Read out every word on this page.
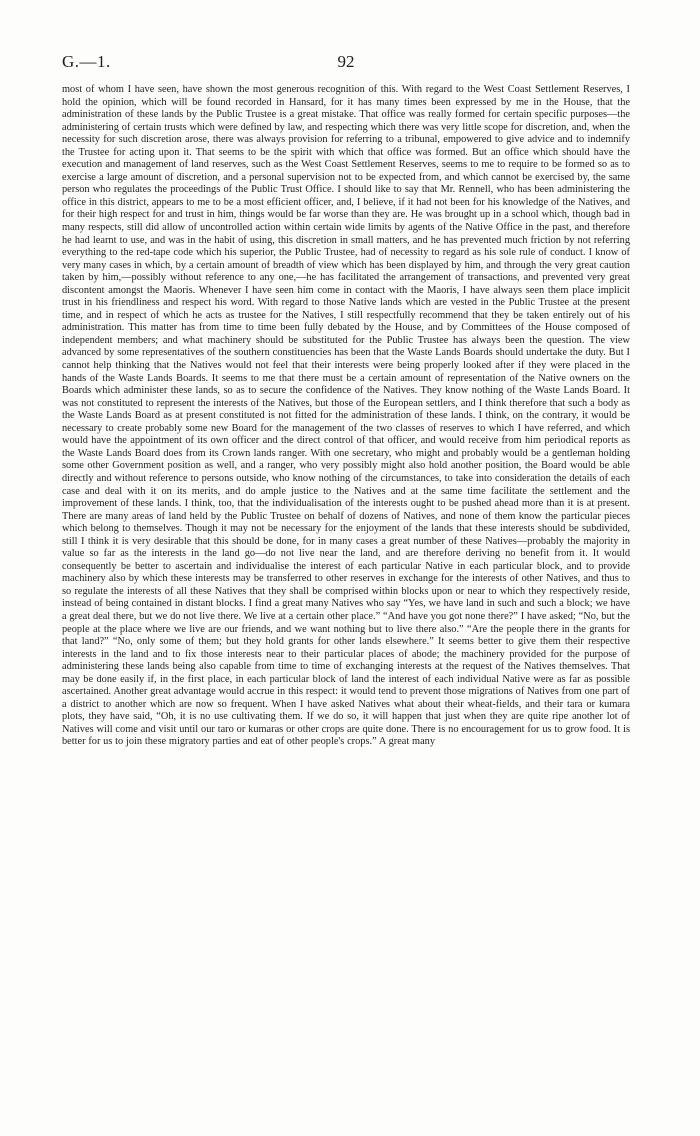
G.—1.	92
most of whom I have seen, have shown the most generous recognition of this. With regard to the West Coast Settlement Reserves, I hold the opinion, which will be found recorded in Hansard, for it has many times been expressed by me in the House, that the administration of these lands by the Public Trustee is a great mistake. That office was really formed for certain specific purposes—the administering of certain trusts which were defined by law, and respecting which there was very little scope for discretion, and, when the necessity for such discretion arose, there was always provision for referring to a tribunal, empowered to give advice and to indemnify the Trustee for acting upon it. That seems to be the spirit with which that office was formed. But an office which should have the execution and management of land reserves, such as the West Coast Settlement Reserves, seems to me to require to be formed so as to exercise a large amount of discretion, and a personal supervision not to be expected from, and which cannot be exercised by, the same person who regulates the proceedings of the Public Trust Office. I should like to say that Mr. Rennell, who has been administering the office in this district, appears to me to be a most efficient officer, and, I believe, if it had not been for his knowledge of the Natives, and for their high respect for and trust in him, things would be far worse than they are. He was brought up in a school which, though bad in many respects, still did allow of uncontrolled action within certain wide limits by agents of the Native Office in the past, and therefore he had learnt to use, and was in the habit of using, this discretion in small matters, and he has prevented much friction by not referring everything to the red-tape code which his superior, the Public Trustee, had of necessity to regard as his sole rule of conduct. I know of very many cases in which, by a certain amount of breadth of view which has been displayed by him, and through the very great caution taken by him,—possibly without reference to any one,—he has facilitated the arrangement of transactions, and prevented very great discontent amongst the Maoris. Whenever I have seen him come in contact with the Maoris, I have always seen them place implicit trust in his friendliness and respect his word. With regard to those Native lands which are vested in the Public Trustee at the present time, and in respect of which he acts as trustee for the Natives, I still respectfully recommend that they be taken entirely out of his administration. This matter has from time to time been fully debated by the House, and by Committees of the House composed of independent members; and what machinery should be substituted for the Public Trustee has always been the question. The view advanced by some representatives of the southern constituencies has been that the Waste Lands Boards should undertake the duty. But I cannot help thinking that the Natives would not feel that their interests were being properly looked after if they were placed in the hands of the Waste Lands Boards. It seems to me that there must be a certain amount of representation of the Native owners on the Boards which administer these lands, so as to secure the confidence of the Natives. They know nothing of the Waste Lands Board. It was not constituted to represent the interests of the Natives, but those of the European settlers, and I think therefore that such a body as the Waste Lands Board as at present constituted is not fitted for the administration of these lands. I think, on the contrary, it would be necessary to create probably some new Board for the management of the two classes of reserves to which I have referred, and which would have the appointment of its own officer and the direct control of that officer, and would receive from him periodical reports as the Waste Lands Board does from its Crown lands ranger. With one secretary, who might and probably would be a gentleman holding some other Government position as well, and a ranger, who very possibly might also hold another position, the Board would be able directly and without reference to persons outside, who know nothing of the circumstances, to take into consideration the details of each case and deal with it on its merits, and do ample justice to the Natives and at the same time facilitate the settlement and the improvement of these lands. I think, too, that the individualisation of the interests ought to be pushed ahead more than it is at present. There are many areas of land held by the Public Trustee on behalf of dozens of Natives, and none of them know the particular pieces which belong to themselves. Though it may not be necessary for the enjoyment of the lands that these interests should be subdivided, still I think it is very desirable that this should be done, for in many cases a great number of these Natives—probably the majority in value so far as the interests in the land go—do not live near the land, and are therefore deriving no benefit from it. It would consequently be better to ascertain and individualise the interest of each particular Native in each particular block, and to provide machinery also by which these interests may be transferred to other reserves in exchange for the interests of other Natives, and thus to so regulate the interests of all these Natives that they shall be comprised within blocks upon or near to which they respectively reside, instead of being contained in distant blocks. I find a great many Natives who say “Yes, we have land in such and such a block; we have a great deal there, but we do not live there. We live at a certain other place.” “And have you got none there?” I have asked; “No, but the people at the place where we live are our friends, and we want nothing but to live there also.” “Are the people there in the grants for that land?” “No, only some of them; but they hold grants for other lands elsewhere.” It seems better to give them their respective interests in the land and to fix those interests near to their particular places of abode; the machinery provided for the purpose of administering these lands being also capable from time to time of exchanging interests at the request of the Natives themselves. That may be done easily if, in the first place, in each particular block of land the interest of each individual Native were as far as possible ascertained. Another great advantage would accrue in this respect: it would tend to prevent those migrations of Natives from one part of a district to another which are now so frequent. When I have asked Natives what about their wheat-fields, and their tara or kumara plots, they have said, “Oh, it is no use cultivating them. If we do so, it will happen that just when they are quite ripe another lot of Natives will come and visit until our taro or kumaras or other crops are quite done. There is no encouragement for us to grow food. It is better for us to join these migratory parties and eat of other people's crops.” A great many
